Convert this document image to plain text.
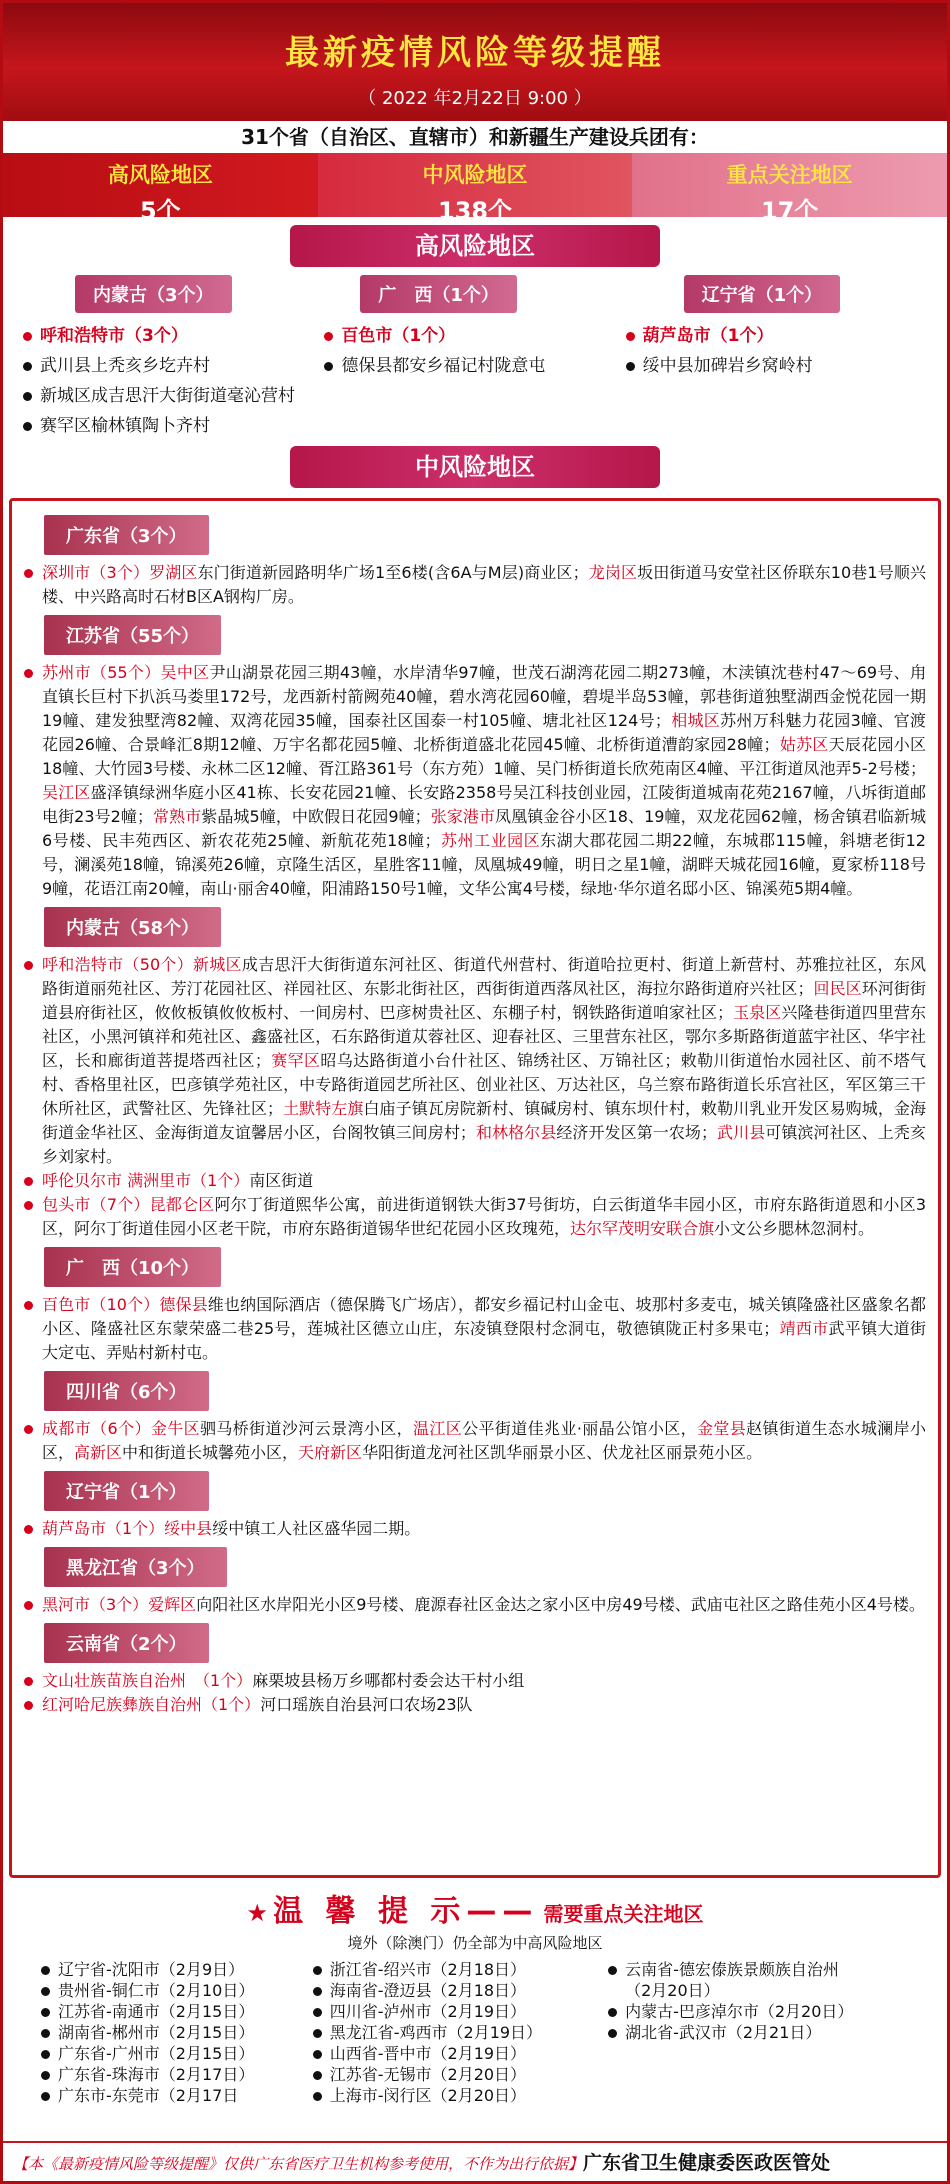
最新疫情风险等级提醒
（ 2022 年2月22日 9:00 ）
31个省（自治区、直辖市）和新疆生产建设兵团有：
高风险地区
5个
中风险地区
138个
重点关注地区
17个
高风险地区
内蒙古（3个）
呼和浩特市（3个）
武川县上秃亥乡圪卉村
新城区成吉思汗大街街道毫沁营村
赛罕区榆林镇陶卜齐村
广　西（1个）
百色市（1个）
德保县都安乡福记村陇意屯
辽宁省（1个）
葫芦岛市（1个）
绥中县加碑岩乡窝岭村
中风险地区
广东省（3个）
深圳市（3个）罗湖区东门街道新园路明华广场1至6楼(含6A与M层)商业区；龙岗区坂田街道马安堂社区侨联东10巷1号顺兴楼、中兴路高时石材B区A钢构厂房。
江苏省（55个）
苏州市（55个）吴中区尹山湖景花园三期43幢，水岸清华97幢，世茂石湖湾花园二期273幢，木渎镇沈巷村47～69号、甪直镇长巨村下扒浜马娄里172号，龙西新村箭阙苑40幢，碧水湾花园60幢，碧堤半岛53幢，郭巷街道独墅湖西金悦花园一期19幢、建发独墅湾82幢、双湾花园35幢，国泰社区国泰一村105幢、塘北社区124号；相城区苏州万科魅力花园3幢、官渡花园26幢、合景峰汇8期12幢、万宇名都花园5幢、北桥街道盛北花园45幢、北桥街道漕韵家园28幢；姑苏区天辰花园小区18幢、大竹园3号楼、永林二区12幢、胥江路361号（东方苑）1幢、吴门桥街道长欣苑南区4幢、平江街道凤池弄5-2号楼；吴江区盛泽镇绿洲华庭小区41栋、长安花园21幢、长安路2358号吴江科技创业园，江陵街道城南花苑2167幢，八坼街道邮电街23号2幢；常熟市紫晶城5幢，中欧假日花园9幢；张家港市凤凰镇金谷小区18、19幢，双龙花园62幢，杨舍镇君临新城6号楼、民丰苑西区、新农花苑25幢、新航花苑18幢；苏州工业园区东湖大郡花园二期22幢，东城郡115幢，斜塘老街12号，澜溪苑18幢，锦溪苑26幢，京隆生活区，星胜客11幢，凤凰城49幢，明日之星1幢，湖畔天城花园16幢，夏家桥118号9幢，花语江南20幢，南山·丽舍40幢，阳浦路150号1幢，文华公寓4号楼，绿地·华尔道名邸小区、锦溪苑5期4幢。
内蒙古（58个）
呼和浩特市（50个）新城区成吉思汗大街街道东河社区、街道代州营村、街道哈拉更村、街道上新营村、苏雅拉社区，东风路街道丽苑社区、芳汀花园社区、祥园社区、东影北街社区，西街街道西落凤社区，海拉尔路街道府兴社区；回民区环河街街道县府街社区，攸攸板镇攸攸板村、一间房村、巴彦树贵社区、东棚子村，钢铁路街道咱家社区；玉泉区兴隆巷街道四里营东社区，小黑河镇祥和苑社区、鑫盛社区，石东路街道苁蓉社区、迎春社区、三里营东社区，鄂尔多斯路街道蓝宇社区、华宇社区，长和廊街道菩提塔西社区；赛罕区昭乌达路街道小台什社区、锦绣社区、万锦社区；敕勒川街道怡水园社区、前不塔气村、香格里社区，巴彦镇学苑社区，中专路街道园艺所社区、创业社区、万达社区，乌兰察布路街道长乐宫社区，军区第三干休所社区，武警社区、先锋社区；土默特左旗白庙子镇瓦房院新村、镇碱房村、镇东坝什村，敕勒川乳业开发区易购城，金海街道金华社区、金海街道友谊馨居小区，台阁牧镇三间房村；和林格尔县经济开发区第一农场；武川县可镇滨河社区、上秃亥乡刘家村。
呼伦贝尔市 满洲里市（1个）南区街道
包头市（7个）昆都仑区阿尔丁街道熙华公寓，前进街道钢铁大街37号街坊，白云街道华丰园小区，市府东路街道恩和小区3区，阿尔丁街道佳园小区老干院，市府东路街道锡华世纪花园小区玫瑰苑，达尔罕茂明安联合旗小文公乡腮林忽洞村。
广　西（10个）
百色市（10个）德保县维也纳国际酒店（德保腾飞广场店），都安乡福记村山金屯、坡那村多麦屯，城关镇隆盛社区盛象名都小区、隆盛社区东蒙荣盛二巷25号，莲城社区德立山庄，东凌镇登限村念洞屯，敬德镇陇正村多果屯；靖西市武平镇大道街大定屯、弄贴村新村屯。
四川省（6个）
成都市（6个）金牛区驷马桥街道沙河云景湾小区，温江区公平街道佳兆业·丽晶公馆小区，金堂县赵镇街道生态水城澜岸小区，高新区中和街道长城馨苑小区，天府新区华阳街道龙河社区凯华丽景小区、伏龙社区丽景苑小区。
辽宁省（1个）
葫芦岛市（1个）绥中县绥中镇工人社区盛华园二期。
黑龙江省（3个）
黑河市（3个）爱辉区向阳社区水岸阳光小区9号楼、鹿源春社区金达之家小区中房49号楼、武庙屯社区之路佳苑小区4号楼。
云南省（2个）
文山壮族苗族自治州　（1个）麻栗坡县杨万乡哪都村委会达干村小组
红河哈尼族彝族自治州（1个）河口瑶族自治县河口农场23队
★ 温 馨 提 示—— 需要重点关注地区
境外（除澳门）仍全部为中高风险地区
辽宁省-沈阳市（2月9日）
贵州省-铜仁市（2月10日）
江苏省-南通市（2月15日）
湖南省-郴州市（2月15日）
广东省-广州市（2月15日）
广东省-珠海市（2月17日）
广东市-东莞市（2月17日
浙江省-绍兴市（2月18日）
海南省-澄迈县（2月18日）
四川省-泸州市（2月19日）
黑龙江省-鸡西市（2月19日）
山西省-晋中市（2月19日）
江苏省-无锡市（2月20日）
上海市-闵行区（2月20日）
云南省-德宏傣族景颇族自治州
（2月20日）
内蒙古-巴彦淖尔市（2月20日）
湖北省-武汉市（2月21日）
【本《最新疫情风险等级提醒》仅供广东省医疗卫生机构参考使用，不作为出行依据】广东省卫生健康委医政医管处
